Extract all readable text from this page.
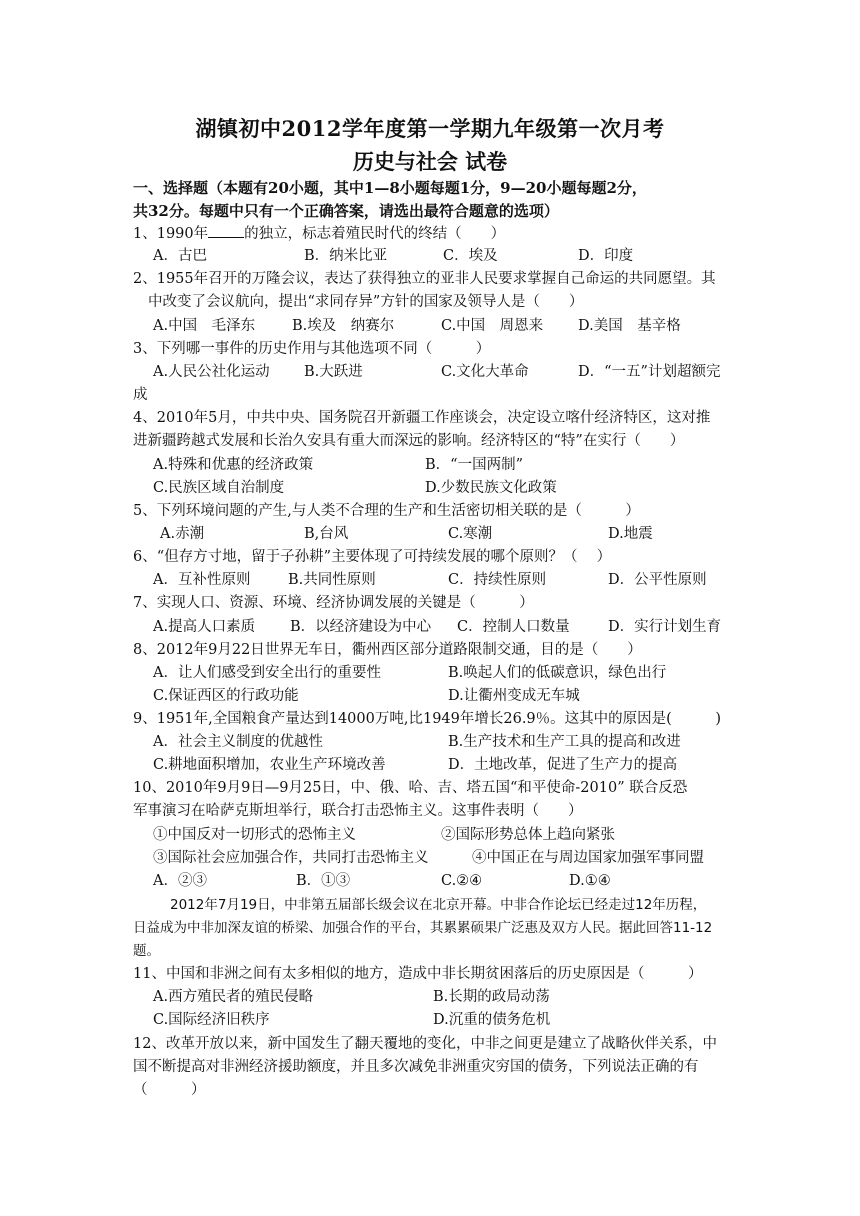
湖镇初中2012学年度第一学期九年级第一次月考
历史与社会 试卷
一、选择题（本题有20小题，其中1—8小题每题1分，9—20小题每题2分，
共32分。每题中只有一个正确答案，请选出最符合题意的选项）
1、1990年 的独立，标志着殖民时代的终结（　　）
A．古巴	B．纳米比亚	C．埃及	D．印度
2、1955年召开的万隆会议，表达了获得独立的亚非人民要求掌握自己命运的共同愿望。其
中改变了会议航向，提出“求同存异”方针的国家及领导人是（　　）
A.中国　毛泽东	B.埃及　纳赛尔	C.中国　周恩来 D.美国　基辛格
3、下列哪一事件的历史作用与其他选项不同（　　　）
A.人民公社化运动 B.大跃进	C.文化大革命	D．“一五”计划超额完
成
4、2010年5月，中共中央、国务院召开新疆工作座谈会，决定设立喀什经济特区，这对推
进新疆跨越式发展和长治久安具有重大而深远的影响。经济特区的“特”在实行（　　）
A.特殊和优惠的经济政策	B．“一国两制”
C.民族区域自治制度	D.少数民族文化政策
5、下列环境问题的产生,与人类不合理的生产和生活密切相关联的是（　　　）
A.赤潮	B,台风	C.寒潮	D.地震
6、“但存方寸地，留于子孙耕”主要体现了可持续发展的哪个原则？（　 ）
A．互补性原则	B.共同性原则	C．持续性原则	D．公平性原则
7、实现人口、资源、环境、经济协调发展的关键是（　　　）
A.提高人口素质 B．以经济建设为中心 C．控制人口数量	D．实行计划生育
8、2012年9月22日世界无车日，衢州西区部分道路限制交通，目的是（　　）
A．让人们感受到安全出行的重要性	B.唤起人们的低碳意识，绿色出行
C.保证西区的行政功能	D.让衢州变成无车城
9、1951年,全国粮食产量达到14000万吨,比1949年增长26.9％。这其中的原因是(　　　)
A．社会主义制度的优越性	B.生产技术和生产工具的提高和改进
C.耕地面积增加，农业生产环境改善	D．土地改革，促进了生产力的提高
10、2010年9月9日—9月25日，中、俄、哈、吉、塔五国“和平使命-2010” 联合反恐
军事演习在哈萨克斯坦举行，联合打击恐怖主义。这事件表明（　　）
①中国反对一切形式的恐怖主义	②国际形势总体上趋向紧张
③国际社会应加强合作，共同打击恐怖主义	④中国正在与周边国家加强军事同盟
A．②③	B．①③	C.②④	D.①④
2012年7月19日，中非第五届部长级会议在北京开幕。中非合作论坛已经走过12年历程，
日益成为中非加深友谊的桥梁、加强合作的平台，其累累硕果广泛惠及双方人民。据此回答11-12
题。
11、中国和非洲之间有太多相似的地方，造成中非长期贫困落后的历史原因是（　　　）
A.西方殖民者的殖民侵略	B.长期的政局动荡
C.国际经济旧秩序	D.沉重的债务危机
12、改革开放以来，新中国发生了翻天覆地的变化，中非之间更是建立了战略伙伴关系，中
国不断提高对非洲经济援助额度，并且多次减免非洲重灾穷国的债务，下列说法正确的有
（　　　）
